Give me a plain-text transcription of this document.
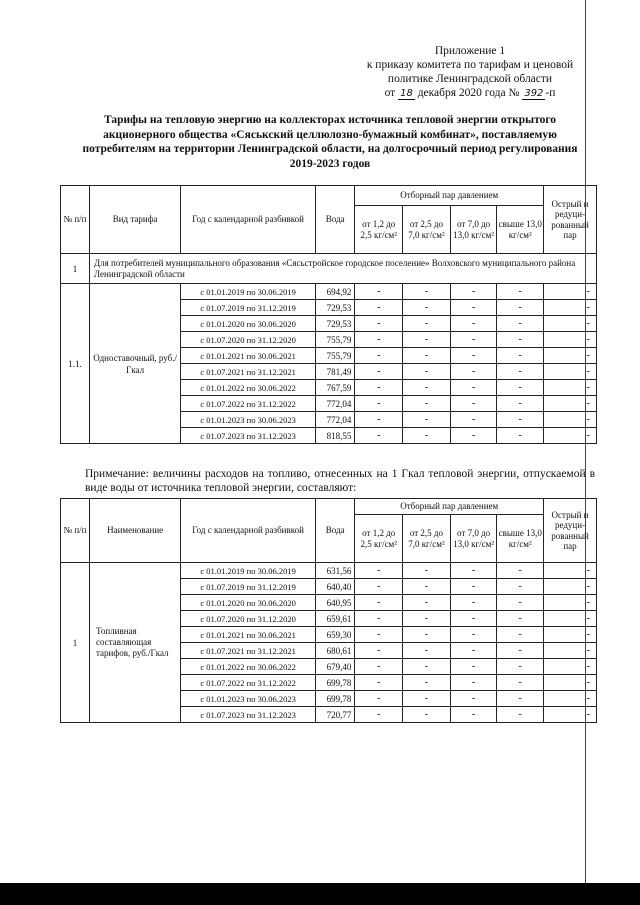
Приложение 1
к приказу комитета по тарифам и ценовой
политике Ленинградской области
от 18 декабря 2020 года № 392 -п
Тарифы на тепловую энергию на коллекторах источника тепловой энергии открытого акционерного общества «Сяськский целлюлозно-бумажный комбинат», поставляемую потребителям на территории Ленинградской области, на долгосрочный период регулирования 2019-2023 годов
№ п/п	Вид тарифа	Год с календарной разбивкой	Вода	Отборный пар давлением				Острый и редуци-рованный пар
				от 1,2 до 2,5 кг/см²	от 2,5 до 7,0 кг/см²	от 7,0 до 13,0 кг/см²	свыше 13,0 кг/см²	
1	Для потребителей муниципального образования «Сясьстройское городское поселение» Волховского муниципального района Ленинградской области							
1.1.	Одноставочный, руб./Гкал	с 01.01.2019 по 30.06.2019	694,92	-	-	-	-	-
		с 01.07.2019 по 31.12.2019	729,53	-	-	-	-	-
		с 01.01.2020 по 30.06.2020	729,53	-	-	-	-	-
		с 01.07.2020 по 31.12.2020	755,79	-	-	-	-	-
		с 01.01.2021 по 30.06.2021	755,79	-	-	-	-	-
		с 01.07.2021 по 31.12.2021	781,49	-	-	-	-	-
		с 01.01.2022 по 30.06.2022	767,59	-	-	-	-	-
		с 01.07.2022 по 31.12.2022	772,04	-	-	-	-	-
		с 01.01.2023 по 30.06.2023	772,04	-	-	-	-	-
		с 01.07.2023 по 31.12.2023	818,55	-	-	-	-	-
Примечание: величины расходов на топливо, отнесенных на 1 Гкал тепловой энергии, отпускаемой в виде воды от источника тепловой энергии, составляют:
№ п/п	Наименование	Год с календарной разбивкой	Вода	Отборный пар давлением				Острый и редуци-рованный пар
				от 1,2 до 2,5 кг/см²	от 2,5 до 7,0 кг/см²	от 7,0 до 13,0 кг/см²	свыше 13,0 кг/см²	
1	Топливная составляющая тарифов, руб./Гкал	с 01.01.2019 по 30.06.2019	631,56	-	-	-	-	-
		с 01.07.2019 по 31.12.2019	640,40	-	-	-	-	-
		с 01.01.2020 по 30.06.2020	640,95	-	-	-	-	-
		с 01.07.2020 по 31.12.2020	659,61	-	-	-	-	-
		с 01.01.2021 по 30.06.2021	659,30	-	-	-	-	-
		с 01.07.2021 по 31.12.2021	680,61	-	-	-	-	-
		с 01.01.2022 по 30.06.2022	679,40	-	-	-	-	-
		с 01.07.2022 по 31.12.2022	699,78	-	-	-	-	-
		с 01.01.2023 по 30.06.2023	699,78	-	-	-	-	-
		с 01.07.2023 по 31.12.2023	720,77	-	-	-	-	-
